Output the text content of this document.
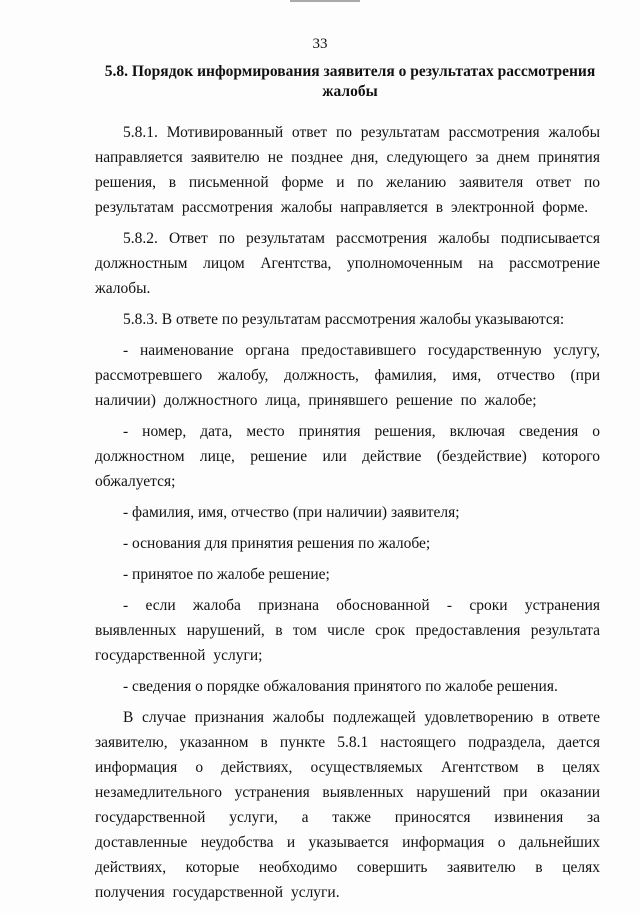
33
5.8. Порядок информирования заявителя о результатах рассмотрения жалобы

5.8.1. Мотивированный ответ по результатам рассмотрения жалобы направляется заявителю не позднее дня, следующего за днем принятия решения, в письменной форме и по желанию заявителя ответ по результатам рассмотрения жалобы направляется в электронной форме.

5.8.2. Ответ по результатам рассмотрения жалобы подписывается должностным лицом Агентства, уполномоченным на рассмотрение жалобы.

5.8.3. В ответе по результатам рассмотрения жалобы указываются:

- наименование органа предоставившего государственную услугу, рассмотревшего жалобу, должность, фамилия, имя, отчество (при наличии) должностного лица, принявшего решение по жалобе;

- номер, дата, место принятия решения, включая сведения о должностном лице, решение или действие (бездействие) которого обжалуется;

- фамилия, имя, отчество (при наличии) заявителя;

- основания для принятия решения по жалобе;

- принятое по жалобе решение;

- если жалоба признана обоснованной - сроки устранения выявленных нарушений, в том числе срок предоставления результата государственной услуги;

- сведения о порядке обжалования принятого по жалобе решения.

В случае признания жалобы подлежащей удовлетворению в ответе заявителю, указанном в пункте 5.8.1 настоящего подраздела, дается информация о действиях, осуществляемых Агентством в целях незамедлительного устранения выявленных нарушений при оказании государственной услуги, а также приносятся извинения за доставленные неудобства и указывается информация о дальнейших действиях, которые необходимо совершить заявителю в целях получения государственной услуги.
